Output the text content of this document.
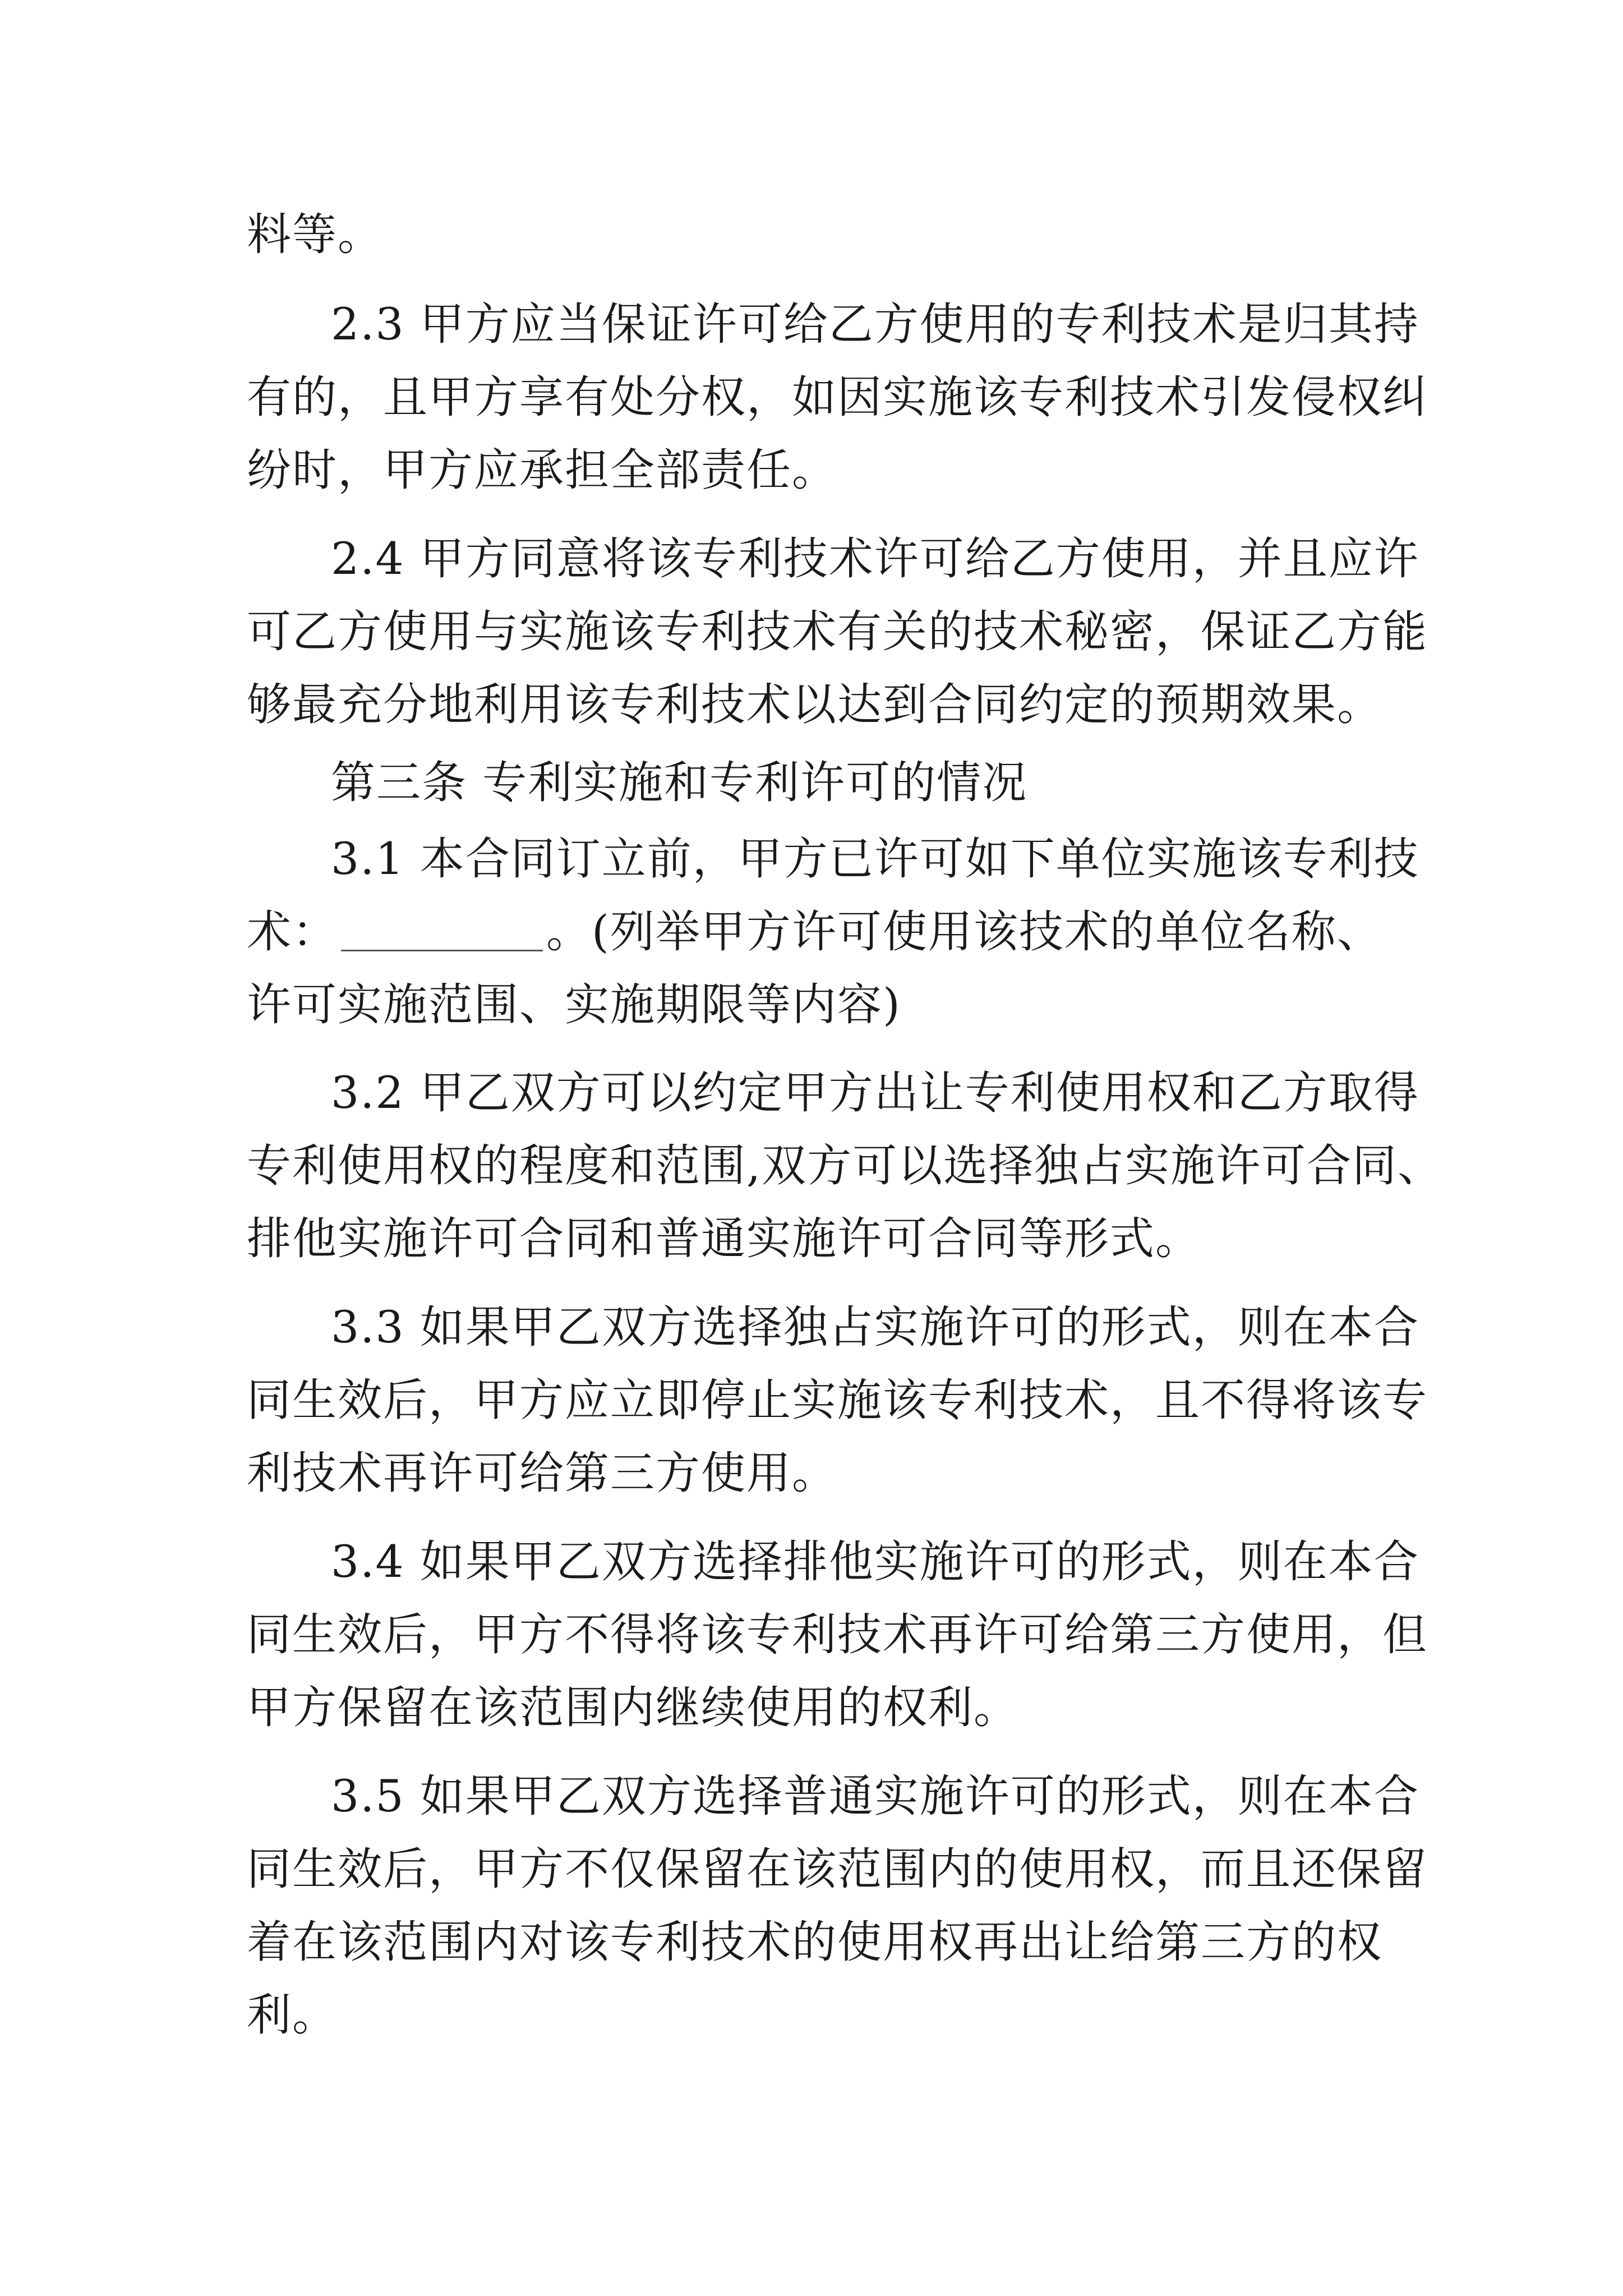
料等。
2.3 甲方应当保证许可给乙方使用的专利技术是归其持
有的，且甲方享有处分权，如因实施该专利技术引发侵权纠
纷时，甲方应承担全部责任。
2.4 甲方同意将该专利技术许可给乙方使用，并且应许
可乙方使用与实施该专利技术有关的技术秘密，保证乙方能
够最充分地利用该专利技术以达到合同约定的预期效果。
第三条 专利实施和专利许可的情况
3.1 本合同订立前，甲方已许可如下单位实施该专利技
术：	。(列举甲方许可使用该技术的单位名称、
许可实施范围、实施期限等内容)
3.2 甲乙双方可以约定甲方出让专利使用权和乙方取得
专利使用权的程度和范围,双方可以选择独占实施许可合同、
排他实施许可合同和普通实施许可合同等形式。
3.3 如果甲乙双方选择独占实施许可的形式，则在本合
同生效后，甲方应立即停止实施该专利技术，且不得将该专
利技术再许可给第三方使用。
3.4 如果甲乙双方选择排他实施许可的形式，则在本合
同生效后，甲方不得将该专利技术再许可给第三方使用，但
甲方保留在该范围内继续使用的权利。
3.5 如果甲乙双方选择普通实施许可的形式，则在本合
同生效后，甲方不仅保留在该范围内的使用权，而且还保留
着在该范围内对该专利技术的使用权再出让给第三方的权
利。
